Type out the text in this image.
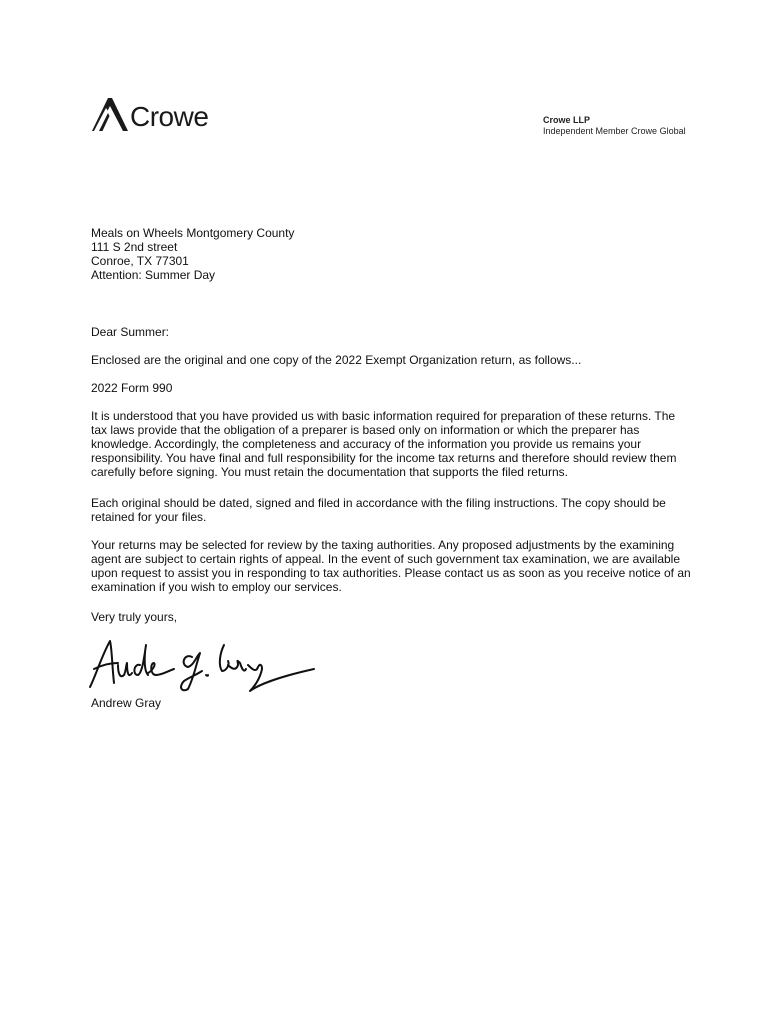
Crowe	Crowe LLP
Independent Member Crowe Global
Meals on Wheels Montgomery County
111 S 2nd street
Conroe, TX 77301
Attention: Summer Day
Dear Summer:
Enclosed are the original and one copy of the 2022 Exempt Organization return, as follows...
2022 Form 990
It is understood that you have provided us with basic information required for preparation of these returns. The tax laws provide that the obligation of a preparer is based only on information or which the preparer has knowledge. Accordingly, the completeness and accuracy of the information you provide us remains your responsibility. You have final and full responsibility for the income tax returns and therefore should review them carefully before signing. You must retain the documentation that supports the filed returns.
Each original should be dated, signed and filed in accordance with the filing instructions. The copy should be retained for your files.
Your returns may be selected for review by the taxing authorities. Any proposed adjustments by the examining agent are subject to certain rights of appeal. In the event of such government tax examination, we are available upon request to assist you in responding to tax authorities. Please contact us as soon as you receive notice of an examination if you wish to employ our services.
Very truly yours,
Andrew Gray
